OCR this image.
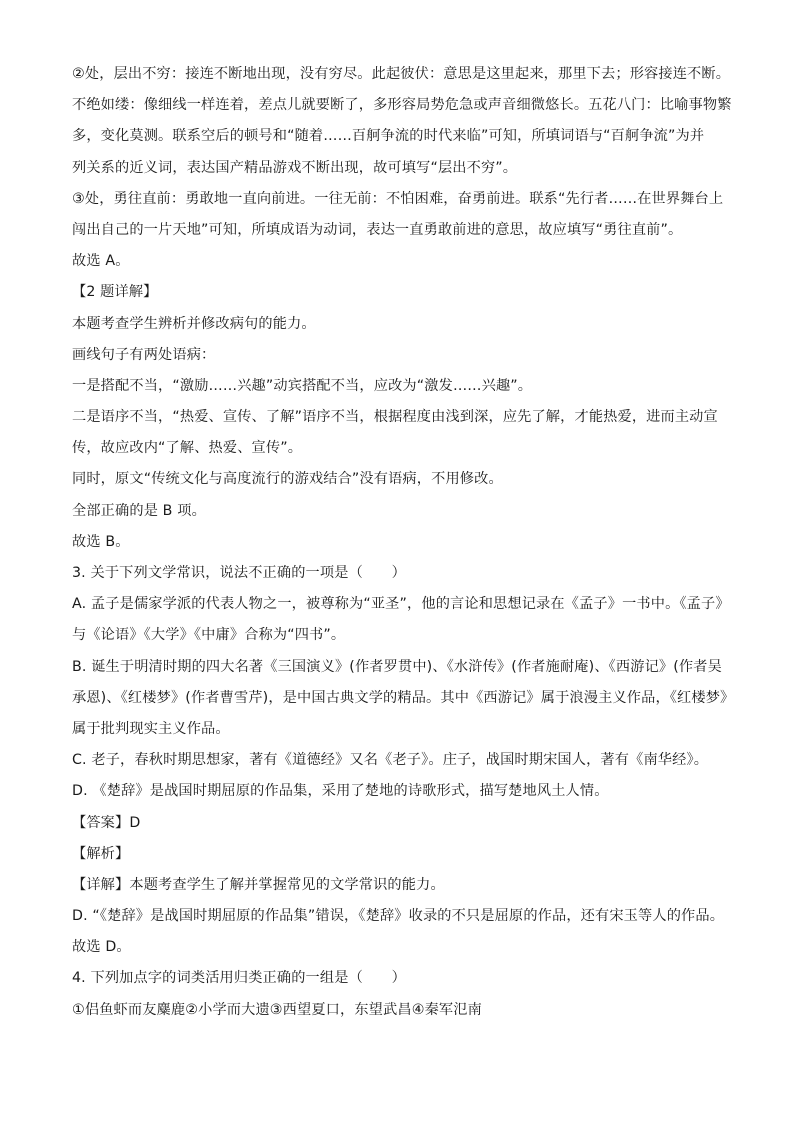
②处，层出不穷：接连不断地出现，没有穷尽。此起彼伏：意思是这里起来，那里下去；形容接连不断。

不绝如缕：像细线一样连着，差点儿就要断了，多形容局势危急或声音细微悠长。五花八门：比喻事物繁

多，变化莫测。联系空后的顿号和“随着……百舸争流的时代来临”可知，所填词语与“百舸争流”为并

列关系的近义词，表达国产精品游戏不断出现，故可填写“层出不穷”。

③处，勇往直前：勇敢地一直向前进。一往无前：不怕困难，奋勇前进。联系“先行者……在世界舞台上

闯出自己的一片天地”可知，所填成语为动词，表达一直勇敢前进的意思，故应填写“勇往直前”。

故选 A。

【2 题详解】

本题考查学生辨析并修改病句的能力。

画线句子有两处语病：

一是搭配不当，“激励……兴趣”动宾搭配不当，应改为“激发……兴趣”。

二是语序不当，“热爱、宣传、了解”语序不当，根据程度由浅到深，应先了解，才能热爱，进而主动宣

传，故应改内“了解、热爱、宣传”。

同时，原文“传统文化与高度流行的游戏结合”没有语病，不用修改。

全部正确的是 B 项。

故选 B。

3. 关于下列文学常识，说法不正确的一项是（　　）

A. 孟子是儒家学派的代表人物之一，被尊称为“亚圣”，他的言论和思想记录在《孟子》一书中。《孟子》

与《论语》《大学》《中庸》合称为“四书”。

B. 诞生于明清时期的四大名著《三国演义》(作者罗贯中)、《水浒传》(作者施耐庵)、《西游记》(作者吴

承恩)、《红楼梦》(作者曹雪芹)，是中国古典文学的精品。其中《西游记》属于浪漫主义作品，《红楼梦》

属于批判现实主义作品。

C. 老子，春秋时期思想家，著有《道德经》又名《老子》。庄子，战国时期宋国人，著有《南华经》。

D. 《楚辞》是战国时期屈原的作品集，采用了楚地的诗歌形式，描写楚地风土人情。

【答案】D

【解析】

【详解】本题考查学生了解并掌握常见的文学常识的能力。

D. “《楚辞》是战国时期屈原的作品集”错误，《楚辞》收录的不只是屈原的作品，还有宋玉等人的作品。

故选 D。

4. 下列加点字的词类活用归类正确的一组是（　　）

①侣鱼虾而友麋鹿②小学而大遗③西望夏口，东望武昌④秦军氾南
